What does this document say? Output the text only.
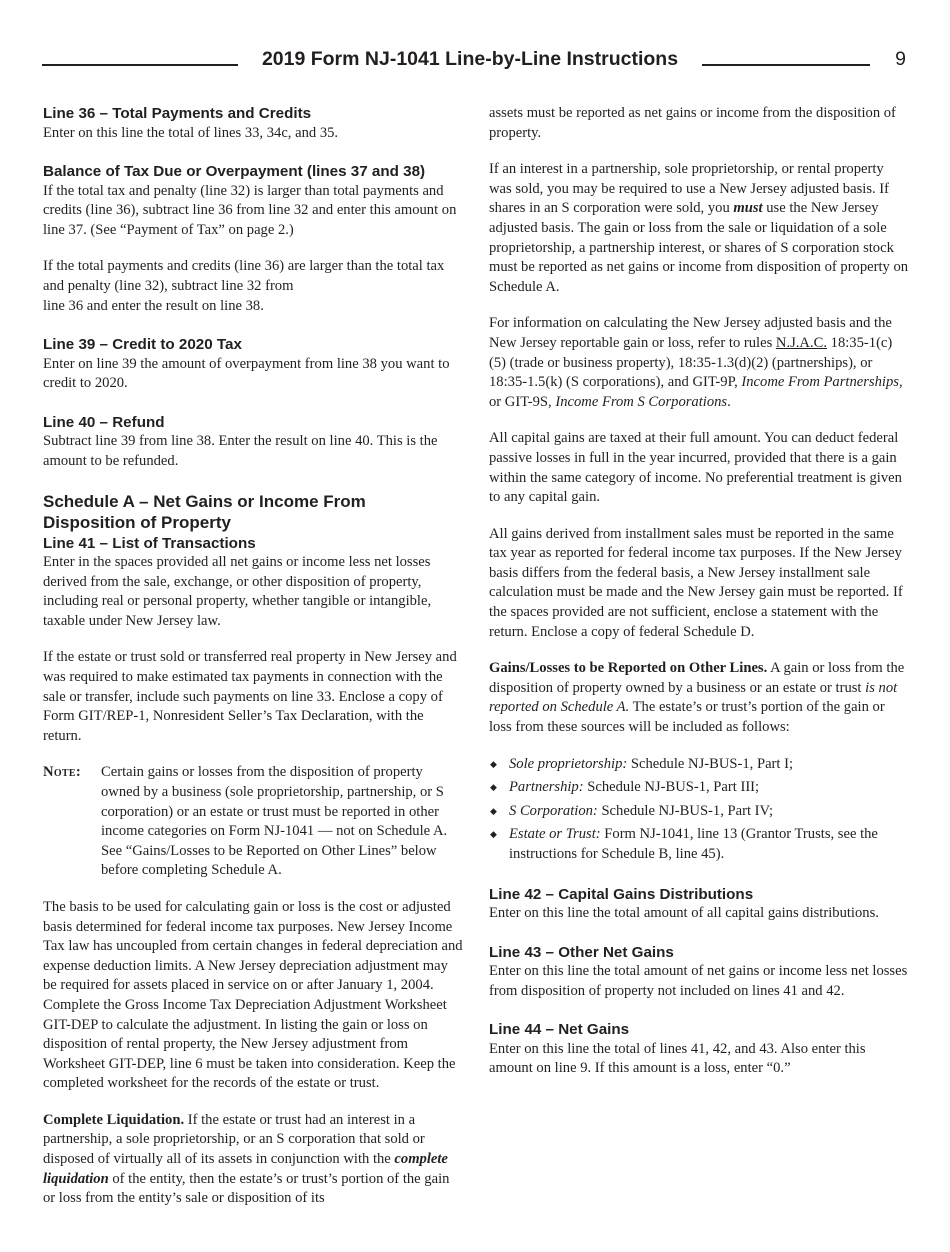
2019 Form NJ-1041 Line-by-Line Instructions	9
Line 36 – Total Payments and Credits

Enter on this line the total of lines 33, 34c, and 35.

Balance of Tax Due or Overpayment (lines 37 and 38)

If the total tax and penalty (line 32) is larger than total payments and credits (line 36), subtract line 36 from line 32 and enter this amount on line 37. (See “Payment of Tax” on page 2.)

If the total payments and credits (line 36) are larger than the total tax and penalty (line 32), subtract line 32 from
line 36 and enter the result on line 38.

Line 39 – Credit to 2020 Tax

Enter on line 39 the amount of overpayment from line 38 you want to credit to 2020.

Line 40 – Refund

Subtract line 39 from line 38. Enter the result on line 40. This is the amount to be refunded.

Schedule A – Net Gains or Income From
Disposition of Property
Line 41 – List of Transactions

Enter in the spaces provided all net gains or income less net losses derived from the sale, exchange, or other disposition of property, including real or personal property, whether tangible or intangible, taxable under New Jersey law.

If the estate or trust sold or transferred real property in New Jersey and was required to make estimated tax payments in connection with the sale or transfer, include such payments on line 33. Enclose a copy of Form GIT/REP-1, Nonresident Seller’s Tax Declaration, with the return.

Note:	Certain gains or losses from the disposition of property owned by a business (sole proprietorship, partnership, or S corporation) or an estate or trust must be reported in other income categories on Form NJ-1041 — not on Schedule A. See “Gains/Losses to be Reported on Other Lines” below before completing Schedule A.

The basis to be used for calculating gain or loss is the cost or adjusted basis determined for federal income tax purposes. New Jersey Income Tax law has uncoupled from certain changes in federal depreciation and expense deduction limits. A New Jersey depreciation adjustment may be required for assets placed in service on or after January 1, 2004. Complete the Gross Income Tax Depreciation Adjustment Worksheet GIT-DEP to calculate the adjustment. In listing the gain or loss on disposition of rental property, the New Jersey adjustment from Worksheet GIT-DEP, line 6 must be taken into consideration. Keep the completed worksheet for the records of the estate or trust.

Complete Liquidation. If the estate or trust had an interest in a partnership, a sole proprietorship, or an S corporation that sold or disposed of virtually all of its assets in conjunction with the complete liquidation of the entity, then the estate’s or trust’s portion of the gain or loss from the entity’s sale or disposition of its

assets must be reported as net gains or income from the disposition of property.

If an interest in a partnership, sole proprietorship, or rental property was sold, you may be required to use a New Jersey adjusted basis. If shares in an S corporation were sold, you must use the New Jersey adjusted basis. The gain or loss from the sale or liquidation of a sole proprietorship, a partnership interest, or shares of S corporation stock must be reported as net gains or income from disposition of property on Schedule A.

For information on calculating the New Jersey adjusted basis and the New Jersey reportable gain or loss, refer to rules N.J.A.C. 18:35-1(c)(5) (trade or business property), 18:35-1.3(d)(2) (partnerships), or 18:35-1.5(k) (S corporations), and GIT-9P, Income From Partnerships, or GIT-9S, Income From S Corporations.

All capital gains are taxed at their full amount. You can deduct federal passive losses in full in the year incurred, provided that there is a gain within the same category of income. No preferential treatment is given to any capital gain.

All gains derived from installment sales must be reported in the same tax year as reported for federal income tax purposes. If the New Jersey basis differs from the federal basis, a New Jersey installment sale calculation must be made and the New Jersey gain must be reported. If the spaces provided are not sufficient, enclose a statement with the return. Enclose a copy of federal Schedule D.

Gains/Losses to be Reported on Other Lines. A gain or loss from the disposition of property owned by a business or an estate or trust is not reported on Schedule A. The estate’s or trust’s portion of the gain or loss from these sources will be included as follows:

◆ Sole proprietorship: Schedule NJ-BUS-1, Part I;
◆ Partnership: Schedule NJ-BUS-1, Part III;
◆ S Corporation: Schedule NJ-BUS-1, Part IV;
◆ Estate or Trust: Form NJ-1041, line 13 (Grantor Trusts, see the instructions for Schedule B, line 45).
Line 42 – Capital Gains Distributions

Enter on this line the total amount of all capital gains distributions.

Line 43 – Other Net Gains

Enter on this line the total amount of net gains or income less net losses from disposition of property not included on lines 41 and 42.

Line 44 – Net Gains

Enter on this line the total of lines 41, 42, and 43. Also enter this amount on line 9. If this amount is a loss, enter “0.”
